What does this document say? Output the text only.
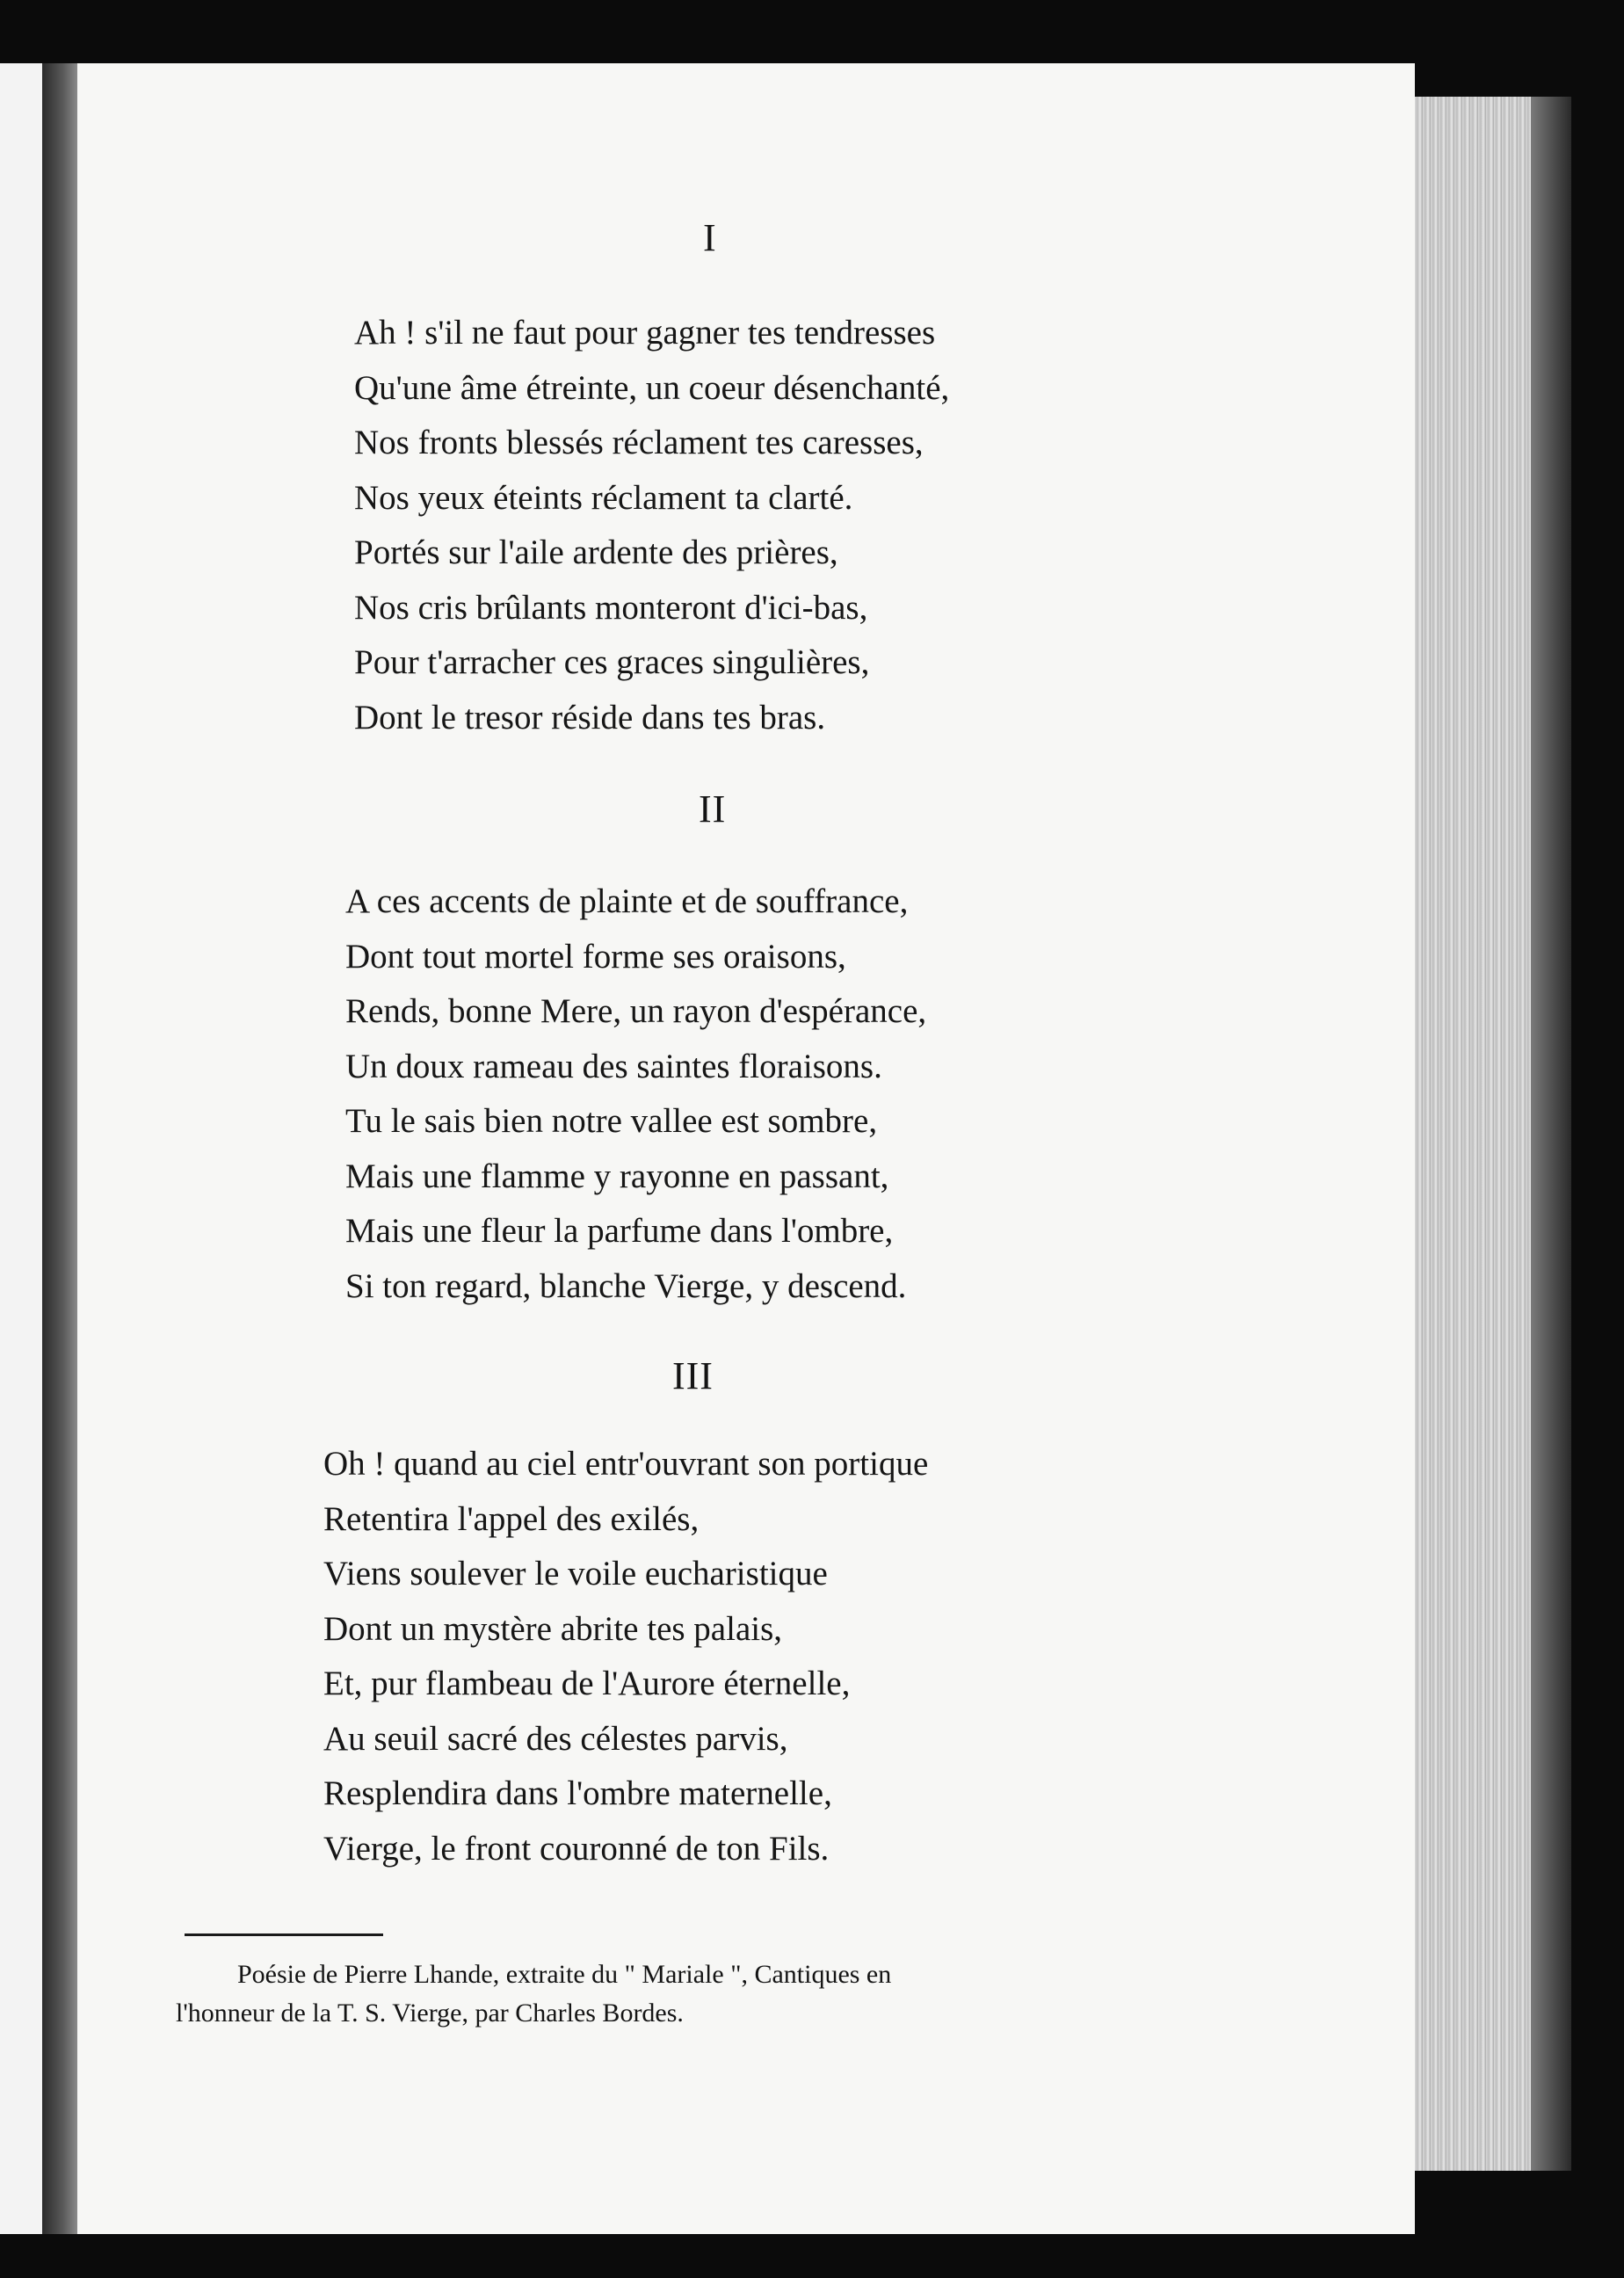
I
Ah ! s'il ne faut pour gagner tes tendresses
Qu'une âme étreinte, un coeur désenchanté,
Nos fronts blessés réclament tes caresses,
Nos yeux éteints réclament ta clarté.
Portés sur l'aile ardente des prières,
Nos cris brûlants monteront d'ici-bas,
Pour t'arracher ces graces singulières,
Dont le tresor réside dans tes bras.
II
A ces accents de plainte et de souffrance,
Dont tout mortel forme ses oraisons,
Rends, bonne Mere, un rayon d'espérance,
Un doux rameau des saintes floraisons.
Tu le sais bien notre vallee est sombre,
Mais une flamme y rayonne en passant,
Mais une fleur la parfume dans l'ombre,
Si ton regard, blanche Vierge, y descend.
III
Oh ! quand au ciel entr'ouvrant son portique
Retentira l'appel des exilés,
Viens soulever le voile eucharistique
Dont un mystère abrite tes palais,
Et, pur flambeau de l'Aurore éternelle,
Au seuil sacré des célestes parvis,
Resplendira dans l'ombre maternelle,
Vierge, le front couronné de ton Fils.
Poésie de Pierre Lhande, extraite du " Mariale ", Cantiques en
l'honneur de la T. S. Vierge, par Charles Bordes.
